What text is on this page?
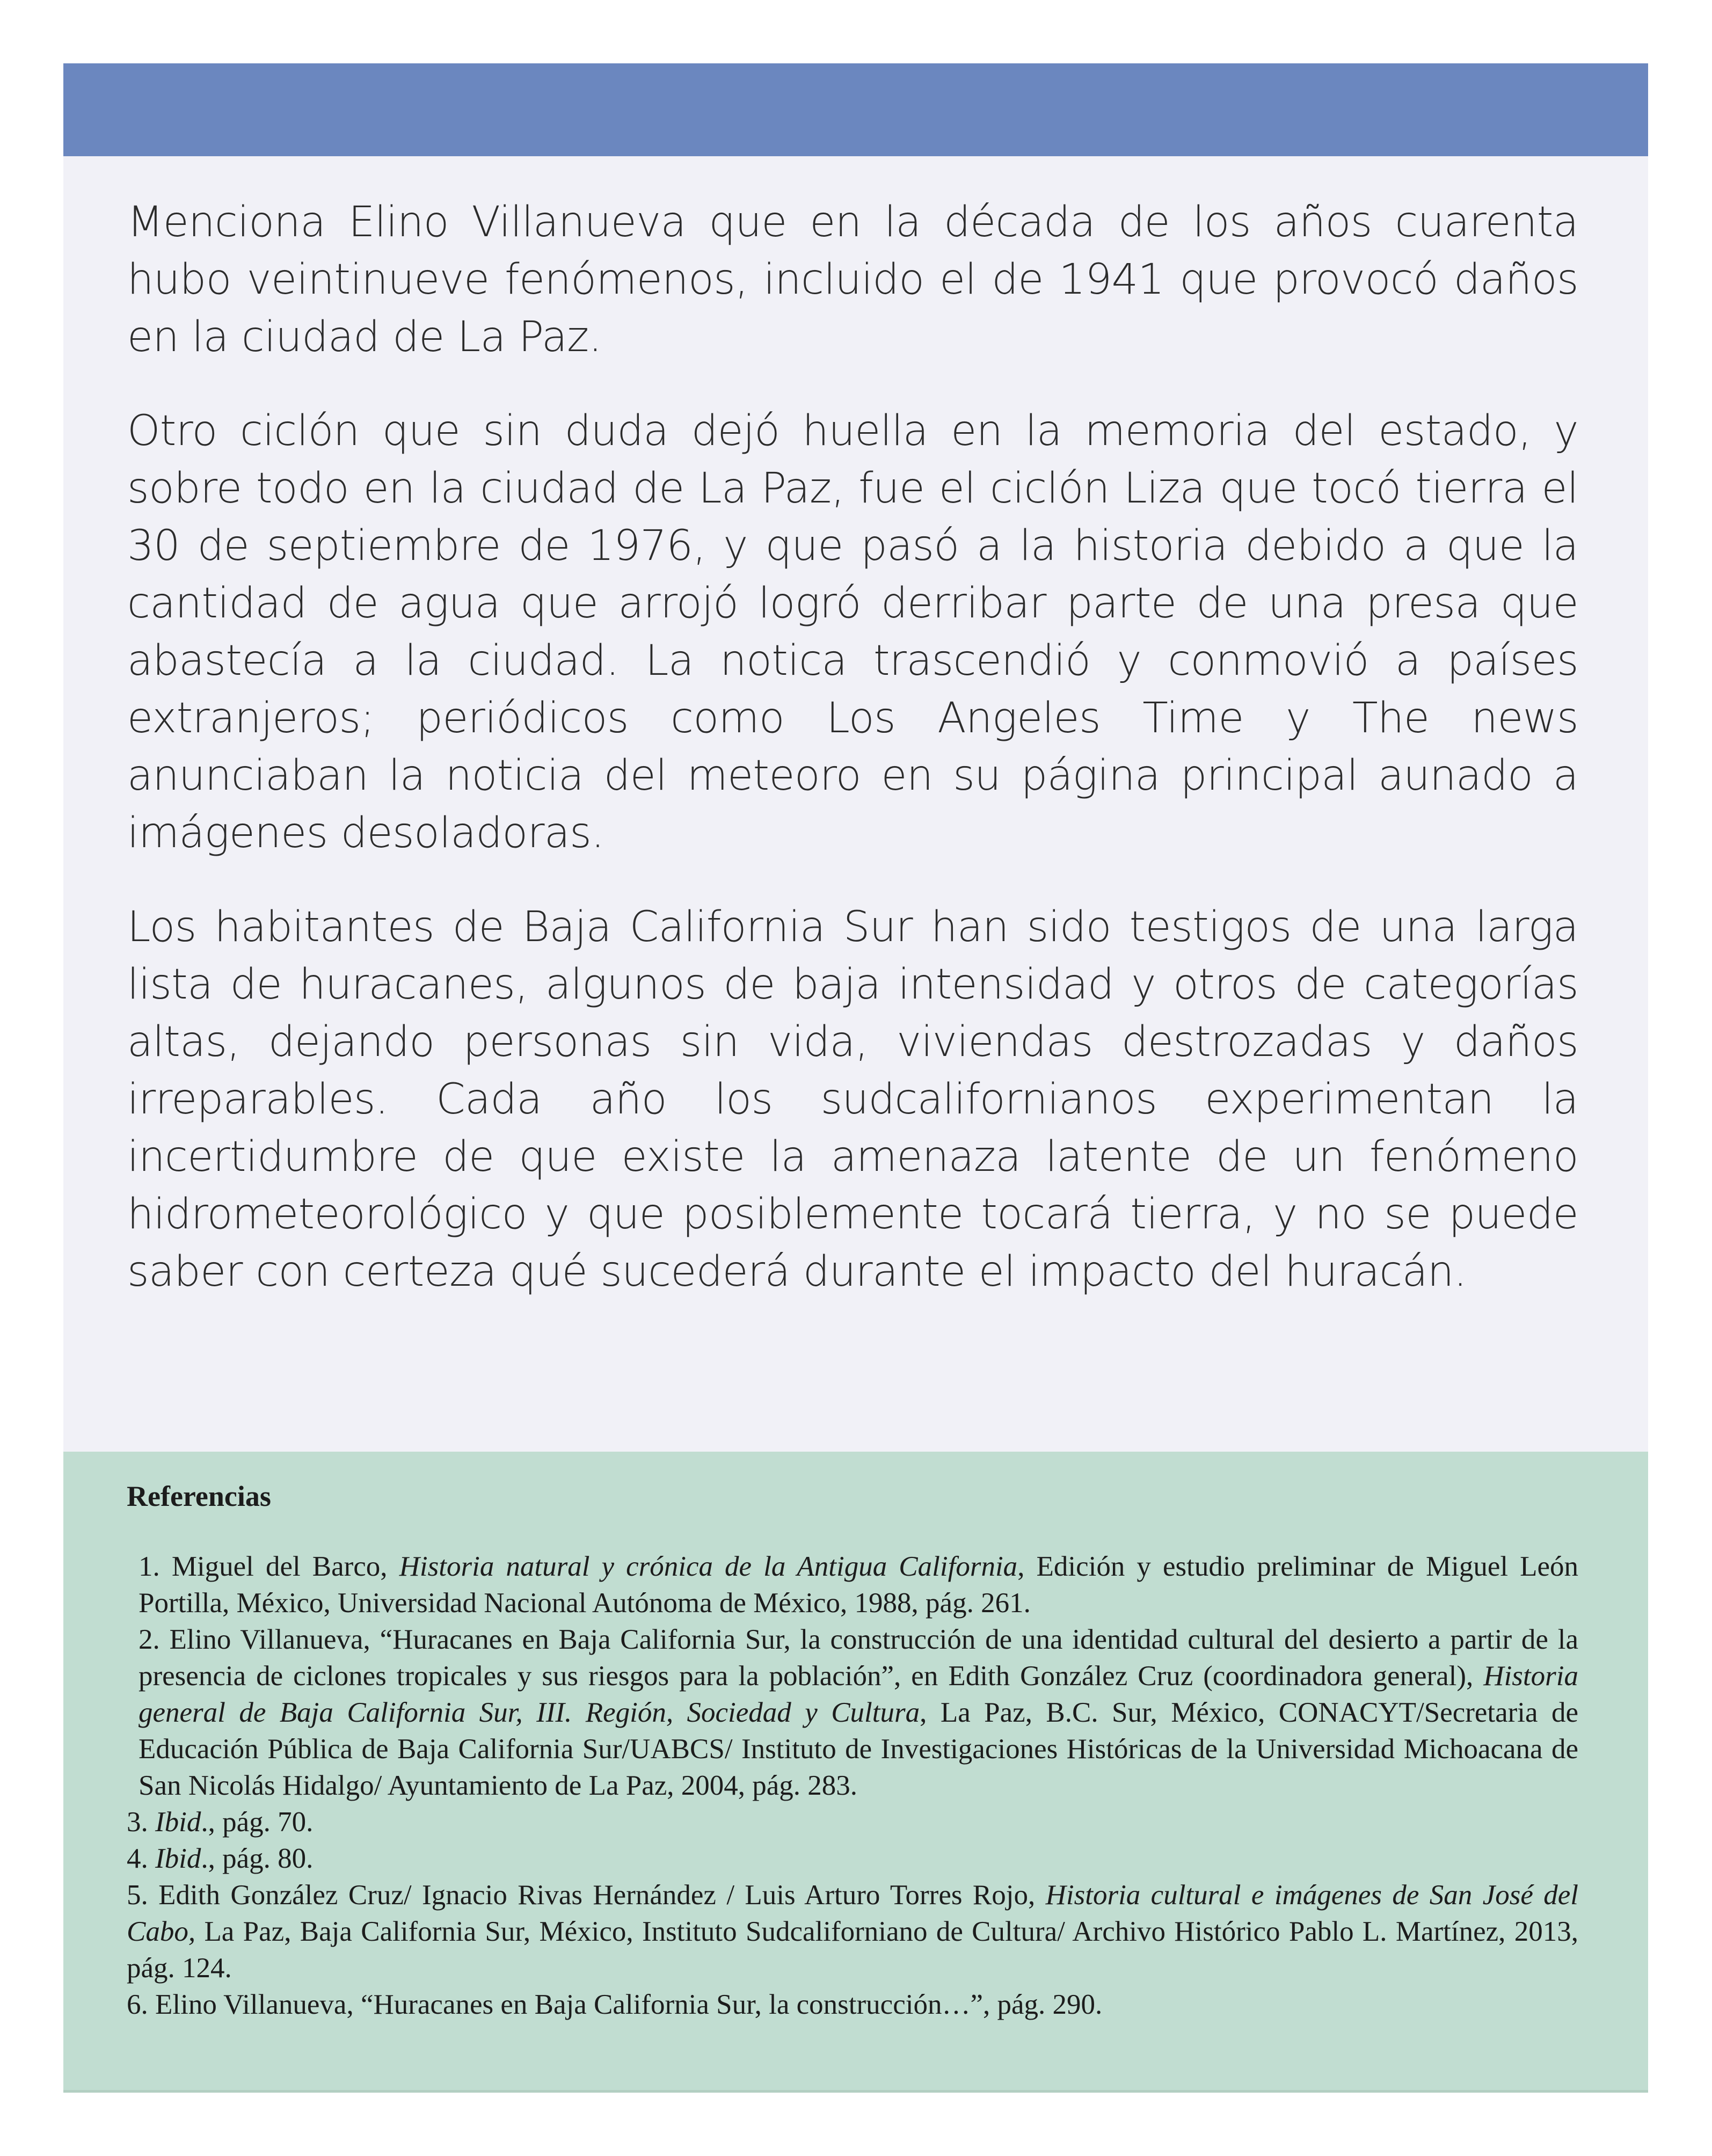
Menciona Elino Villanueva que en la década de los años cuarenta hubo veintinueve fenómenos, incluido el de 1941 que provocó daños en la ciudad de La Paz.

Otro ciclón que sin duda dejó huella en la memoria del estado, y sobre todo en la ciudad de La Paz, fue el ciclón Liza que tocó tierra el 30 de septiembre de 1976, y que pasó a la historia debido a que la cantidad de agua que arrojó logró derribar parte de una presa que abastecía a la ciudad. La notica trascendió y conmovió a países extranjeros; periódicos como Los Angeles Time y The news anunciaban la noticia del meteoro en su página principal aunado a imágenes desoladoras.

Los habitantes de Baja California Sur han sido testigos de una larga lista de huracanes, algunos de baja intensidad y otros de categorías altas, dejando personas sin vida, viviendas destrozadas y daños irreparables. Cada año los sudcalifornianos experimentan la incertidumbre de que existe la amenaza latente de un fenómeno hidrometeorológico y que posiblemente tocará tierra, y no se puede saber con certeza qué sucederá durante el impacto del huracán.

Referencias

1. Miguel del Barco, Historia natural y crónica de la Antigua California, Edición y estudio preliminar de Miguel León Portilla, México, Universidad Nacional Autónoma de México, 1988, pág. 261.

2. Elino Villanueva, “Huracanes en Baja California Sur, la construcción de una identidad cultural del desierto a partir de la presencia de ciclones tropicales y sus riesgos para la población”, en Edith González Cruz (coordinadora general), Historia general de Baja California Sur, III. Región, Sociedad y Cultura, La Paz, B.C. Sur, México, CONACYT/Secretaria de Educación Pública de Baja California Sur/UABCS/ Instituto de Investigaciones Históricas de la Universidad Michoacana de San Nicolás Hidalgo/ Ayuntamiento de La Paz, 2004, pág. 283.

3. Ibid., pág. 70.

4. Ibid., pág. 80.

5. Edith González Cruz/ Ignacio Rivas Hernández / Luis Arturo Torres Rojo, Historia cultural e imágenes de San José del Cabo, La Paz, Baja California Sur, México, Instituto Sudcaliforniano de Cultura/ Archivo Histórico Pablo L. Martínez, 2013, pág. 124.

6. Elino Villanueva, “Huracanes en Baja California Sur, la construcción…”, pág. 290.
